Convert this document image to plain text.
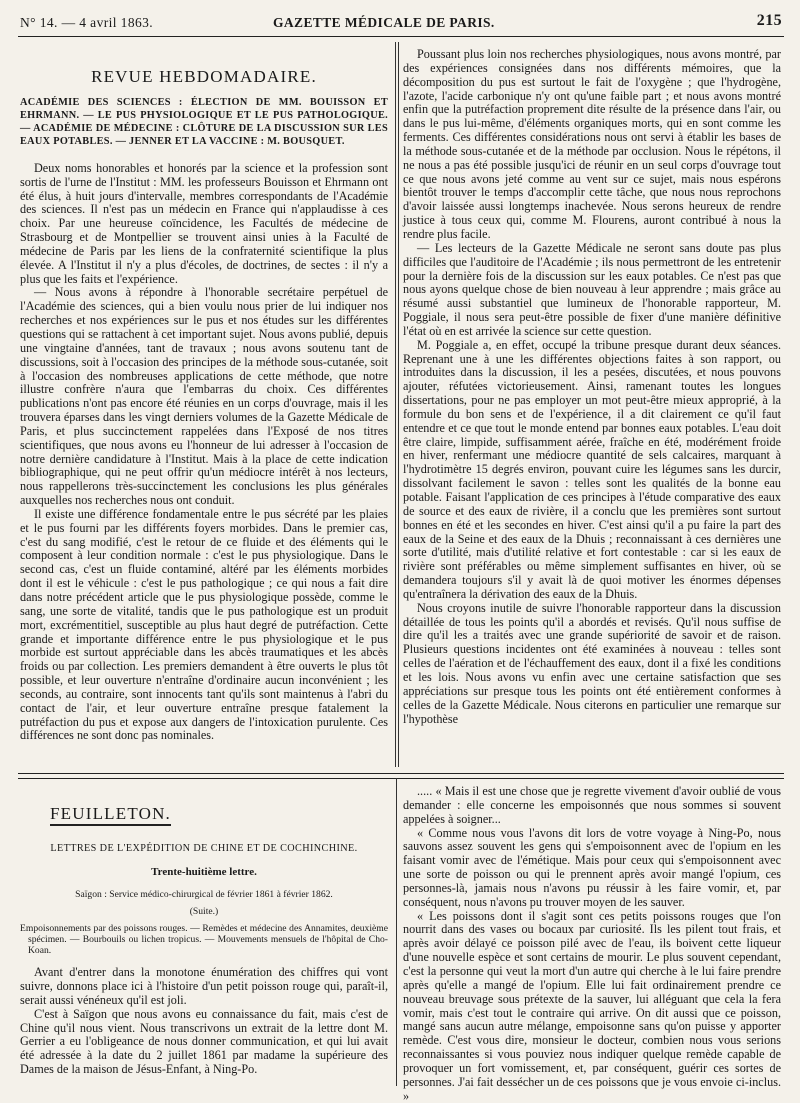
N° 14. — 4 avril 1863.	GAZETTE MÉDICALE DE PARIS.	215
REVUE HEBDOMADAIRE.
ACADÉMIE DES SCIENCES : ÉLECTION DE MM. BOUISSON ET EHRMANN. — LE PUS PHYSIOLOGIQUE ET LE PUS PATHOLOGIQUE. — ACADÉMIE DE MÉDECINE : CLÔTURE DE LA DISCUSSION SUR LES EAUX POTABLES. — JENNER ET LA VACCINE : M. BOUSQUET.

Deux noms honorables et honorés par la science et la profession sont sortis de l'urne de l'Institut : MM. les professeurs Bouisson et Ehrmann ont été élus, à huit jours d'intervalle, membres correspondants de l'Académie des sciences. Il n'est pas un médecin en France qui n'applaudisse à ces choix. Par une heureuse coïncidence, les Facultés de médecine de Strasbourg et de Montpellier se trouvent ainsi unies à la Faculté de médecine de Paris par les liens de la confraternité scientifique la plus élevée. A l'Institut il n'y a plus d'écoles, de doctrines, de sectes : il n'y a plus que les faits et l'expérience.

— Nous avons à répondre à l'honorable secrétaire perpétuel de l'Académie des sciences, qui a bien voulu nous prier de lui indiquer nos recherches et nos expériences sur le pus et nos études sur les différentes questions qui se rattachent à cet important sujet. Nous avons publié, depuis une vingtaine d'années, tant de travaux ; nous avons soutenu tant de discussions, soit à l'occasion des principes de la méthode sous-cutanée, soit à l'occasion des nombreuses applications de cette méthode, que notre illustre confrère n'aura que l'embarras du choix. Ces différentes publications n'ont pas encore été réunies en un corps d'ouvrage, mais il les trouvera éparses dans les vingt derniers volumes de la Gazette Médicale de Paris, et plus succinctement rappelées dans l'Exposé de nos titres scientifiques, que nous avons eu l'honneur de lui adresser à l'occasion de notre dernière candidature à l'Institut. Mais à la place de cette indication bibliographique, qui ne peut offrir qu'un médiocre intérêt à nos lecteurs, nous rappellerons très-succinctement les conclusions les plus générales auxquelles nos recherches nous ont conduit.

Il existe une différence fondamentale entre le pus sécrété par les plaies et le pus fourni par les différents foyers morbides. Dans le premier cas, c'est du sang modifié, c'est le retour de ce fluide et des éléments qui le composent à leur condition normale : c'est le pus physiologique. Dans le second cas, c'est un fluide contaminé, altéré par les éléments morbides dont il est le véhicule : c'est le pus pathologique ; ce qui nous a fait dire dans notre précédent article que le pus physiologique possède, comme le sang, une sorte de vitalité, tandis que le pus pathologique est un produit mort, excrémentitiel, susceptible au plus haut degré de putréfaction. Cette grande et importante différence entre le pus physiologique et le pus morbide est surtout appréciable dans les abcès traumatiques et les abcès froids ou par collection. Les premiers demandent à être ouverts le plus tôt possible, et leur ouverture n'entraîne d'ordinaire aucun inconvénient ; les seconds, au contraire, sont innocents tant qu'ils sont maintenus à l'abri du contact de l'air, et leur ouverture entraîne presque fatalement la putréfaction du pus et expose aux dangers de l'intoxication purulente. Ces différences ne sont donc pas nominales.

Poussant plus loin nos recherches physiologiques, nous avons montré, par des expériences consignées dans nos différents mémoires, que la décomposition du pus est surtout le fait de l'oxygène ; que l'hydrogène, l'azote, l'acide carbonique n'y ont qu'une faible part ; et nous avons montré enfin que la putréfaction proprement dite résulte de la présence dans l'air, ou dans le pus lui-même, d'éléments organiques morts, qui en sont comme les ferments. Ces différentes considérations nous ont servi à établir les bases de la méthode sous-cutanée et de la méthode par occlusion. Nous le répétons, il ne nous a pas été possible jusqu'ici de réunir en un seul corps d'ouvrage tout ce que nous avons jeté comme au vent sur ce sujet, mais nous espérons bientôt trouver le temps d'accomplir cette tâche, que nous nous reprochons d'avoir laissée aussi longtemps inachevée. Nous serons heureux de rendre justice à tous ceux qui, comme M. Flourens, auront contribué à nous la rendre plus facile.

— Les lecteurs de la Gazette Médicale ne seront sans doute pas plus difficiles que l'auditoire de l'Académie ; ils nous permettront de les entretenir pour la dernière fois de la discussion sur les eaux potables. Ce n'est pas que nous ayons quelque chose de bien nouveau à leur apprendre ; mais grâce au résumé aussi substantiel que lumineux de l'honorable rapporteur, M. Poggiale, il nous sera peut-être possible de fixer d'une manière définitive l'état où en est arrivée la science sur cette question.

M. Poggiale a, en effet, occupé la tribune presque durant deux séances. Reprenant une à une les différentes objections faites à son rapport, ou introduites dans la discussion, il les a pesées, discutées, et nous pouvons ajouter, réfutées victorieusement. Ainsi, ramenant toutes les longues dissertations, pour ne pas employer un mot peut-être mieux approprié, à la formule du bon sens et de l'expérience, il a dit clairement ce qu'il faut entendre et ce que tout le monde entend par bonnes eaux potables. L'eau doit être claire, limpide, suffisamment aérée, fraîche en été, modérément froide en hiver, renfermant une médiocre quantité de sels calcaires, marquant à l'hydrotimètre 15 degrés environ, pouvant cuire les légumes sans les durcir, dissolvant facilement le savon : telles sont les qualités de la bonne eau potable. Faisant l'application de ces principes à l'étude comparative des eaux de source et des eaux de rivière, il a conclu que les premières sont surtout bonnes en été et les secondes en hiver. C'est ainsi qu'il a pu faire la part des eaux de la Seine et des eaux de la Dhuis ; reconnaissant à ces dernières une sorte d'utilité, mais d'utilité relative et fort contestable : car si les eaux de rivière sont préférables ou même simplement suffisantes en hiver, où se demandera toujours s'il y avait là de quoi motiver les énormes dépenses qu'entraînera la dérivation des eaux de la Dhuis.

Nous croyons inutile de suivre l'honorable rapporteur dans la discussion détaillée de tous les points qu'il a abordés et revisés. Qu'il nous suffise de dire qu'il les a traités avec une grande supériorité de savoir et de raison. Plusieurs questions incidentes ont été examinées à nouveau : telles sont celles de l'aération et de l'échauffement des eaux, dont il a fixé les conditions et les lois. Nous avons vu enfin avec une certaine satisfaction que ses appréciations sur presque tous les points ont été entièrement conformes à celles de la Gazette Médicale. Nous citerons en particulier une remarque sur l'hypothèse

FEUILLETON.
LETTRES DE L'EXPÉDITION DE CHINE ET DE COCHINCHINE.
Trente-huitième lettre.
Saïgon : Service médico-chirurgical de février 1861 à février 1862.
(Suite.)
Empoisonnements par des poissons rouges. — Remèdes et médecine des Annamites, deuxième spécimen. — Bourbouils ou lichen tropicus. — Mouvements mensuels de l'hôpital de Cho-Koan.

Avant d'entrer dans la monotone énumération des chiffres qui vont suivre, donnons place ici à l'histoire d'un petit poisson rouge qui, paraît-il, serait aussi vénéneux qu'il est joli.

C'est à Saïgon que nous avons eu connaissance du fait, mais c'est de Chine qu'il nous vient. Nous transcrivons un extrait de la lettre dont M. Gerrier a eu l'obligeance de nous donner communication, et qui lui avait été adressée à la date du 2 juillet 1861 par madame la supérieure des Dames de la maison de Jésus-Enfant, à Ning-Po.

..... « Mais il est une chose que je regrette vivement d'avoir oublié de vous demander : elle concerne les empoisonnés que nous sommes si souvent appelées à soigner...

« Comme nous vous l'avons dit lors de votre voyage à Ning-Po, nous sauvons assez souvent les gens qui s'empoisonnent avec de l'opium en les faisant vomir avec de l'émétique. Mais pour ceux qui s'empoisonnent avec une sorte de poisson ou qui le prennent après avoir mangé l'opium, ces personnes-là, jamais nous n'avons pu réussir à les faire vomir, et, par conséquent, nous n'avons pu trouver moyen de les sauver.

« Les poissons dont il s'agit sont ces petits poissons rouges que l'on nourrit dans des vases ou bocaux par curiosité. Ils les pilent tout frais, et après avoir délayé ce poisson pilé avec de l'eau, ils boivent cette liqueur d'une nouvelle espèce et sont certains de mourir. Le plus souvent cependant, c'est la personne qui veut la mort d'un autre qui cherche à le lui faire prendre après qu'elle a mangé de l'opium. Elle lui fait ordinairement prendre ce nouveau breuvage sous prétexte de la sauver, lui alléguant que cela la fera vomir, mais c'est tout le contraire qui arrive. On dit aussi que ce poisson, mangé sans aucun autre mélange, empoisonne sans qu'on puisse y apporter remède. C'est vous dire, monsieur le docteur, combien nous vous serions reconnaissantes si vous pouviez nous indiquer quelque remède capable de provoquer un fort vomissement, et, par conséquent, guérir ces sortes de personnes. J'ai fait dessécher un de ces poissons que je vous envoie ci-inclus. »
